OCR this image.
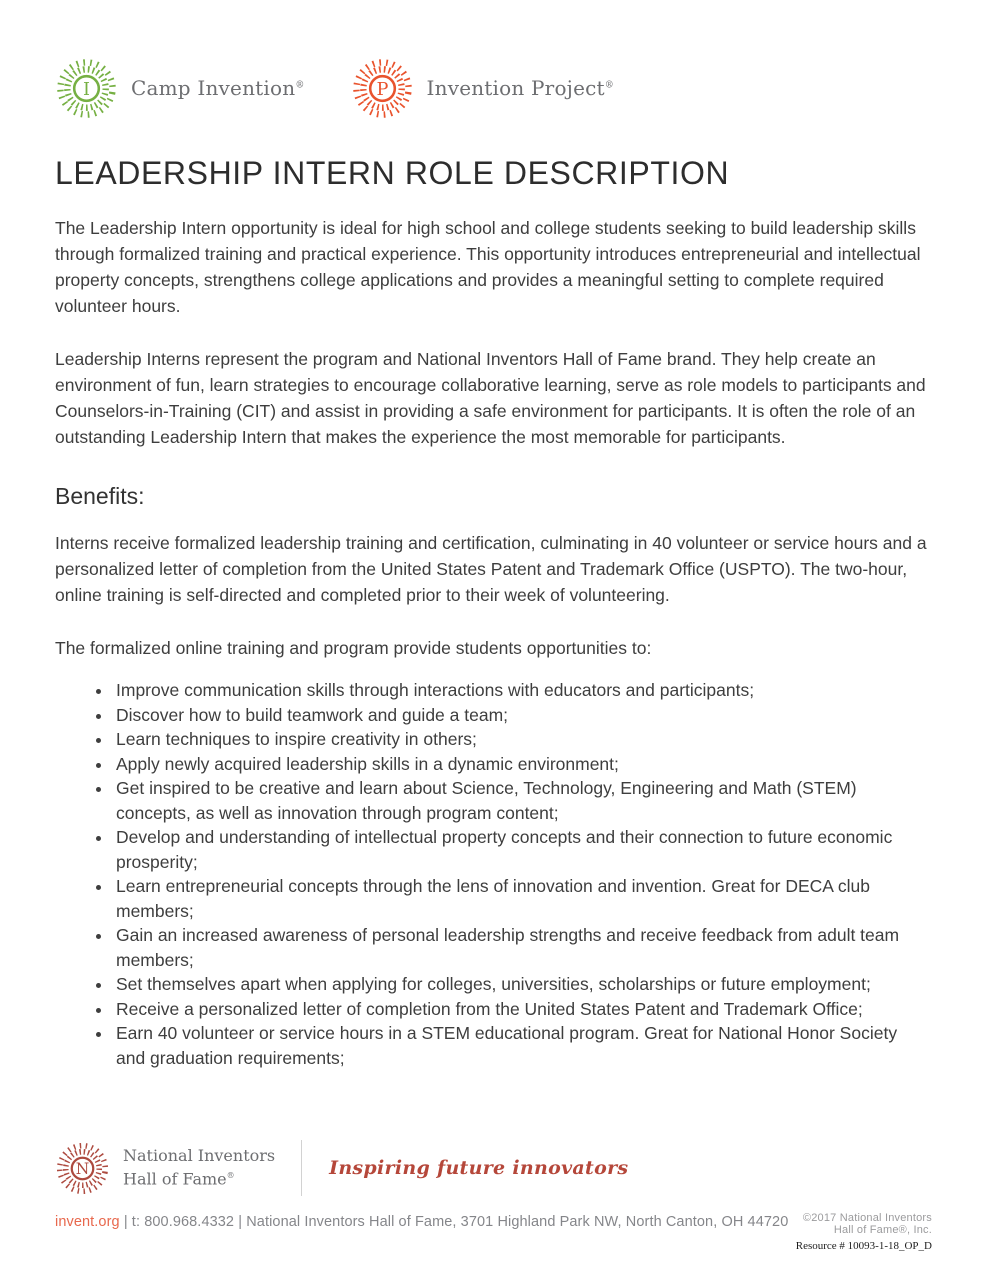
I Camp Invention®	P Invention Project®
LEADERSHIP INTERN ROLE DESCRIPTION

The Leadership Intern opportunity is ideal for high school and college students seeking to build leadership skills through formalized training and practical experience. This opportunity introduces entrepreneurial and intellectual property concepts, strengthens college applications and provides a meaningful setting to complete required volunteer hours.

Leadership Interns represent the program and National Inventors Hall of Fame brand. They help create an environment of fun, learn strategies to encourage collaborative learning, serve as role models to participants and Counselors-in-Training (CIT) and assist in providing a safe environment for participants. It is often the role of an outstanding Leadership Intern that makes the experience the most memorable for participants.

Benefits:

Interns receive formalized leadership training and certification, culminating in 40 volunteer or service hours and a personalized letter of completion from the United States Patent and Trademark Office (USPTO). The two-hour, online training is self-directed and completed prior to their week of volunteering.

The formalized online training and program provide students opportunities to:

• Improve communication skills through interactions with educators and participants;
• Discover how to build teamwork and guide a team;
• Learn techniques to inspire creativity in others;
• Apply newly acquired leadership skills in a dynamic environment;
• Get inspired to be creative and learn about Science, Technology, Engineering and Math (STEM) concepts, as well as innovation through program content;
• Develop and understanding of intellectual property concepts and their connection to future economic prosperity;
• Learn entrepreneurial concepts through the lens of innovation and invention. Great for DECA club members;
• Gain an increased awareness of personal leadership strengths and receive feedback from adult team members;
• Set themselves apart when applying for colleges, universities, scholarships or future employment;
• Receive a personalized letter of completion from the United States Patent and Trademark Office;
• Earn 40 volunteer or service hours in a STEM educational program. Great for National Honor Society and graduation requirements;
N
National Inventors
Hall of Fame®	Inspiring future innovators
invent.org | t: 800.968.4332 | National Inventors Hall of Fame, 3701 Highland Park NW, North Canton, OH 44720	©2017 National Inventors Hall of Fame®, Inc.
Resource # 10093-1-18_OP_D
